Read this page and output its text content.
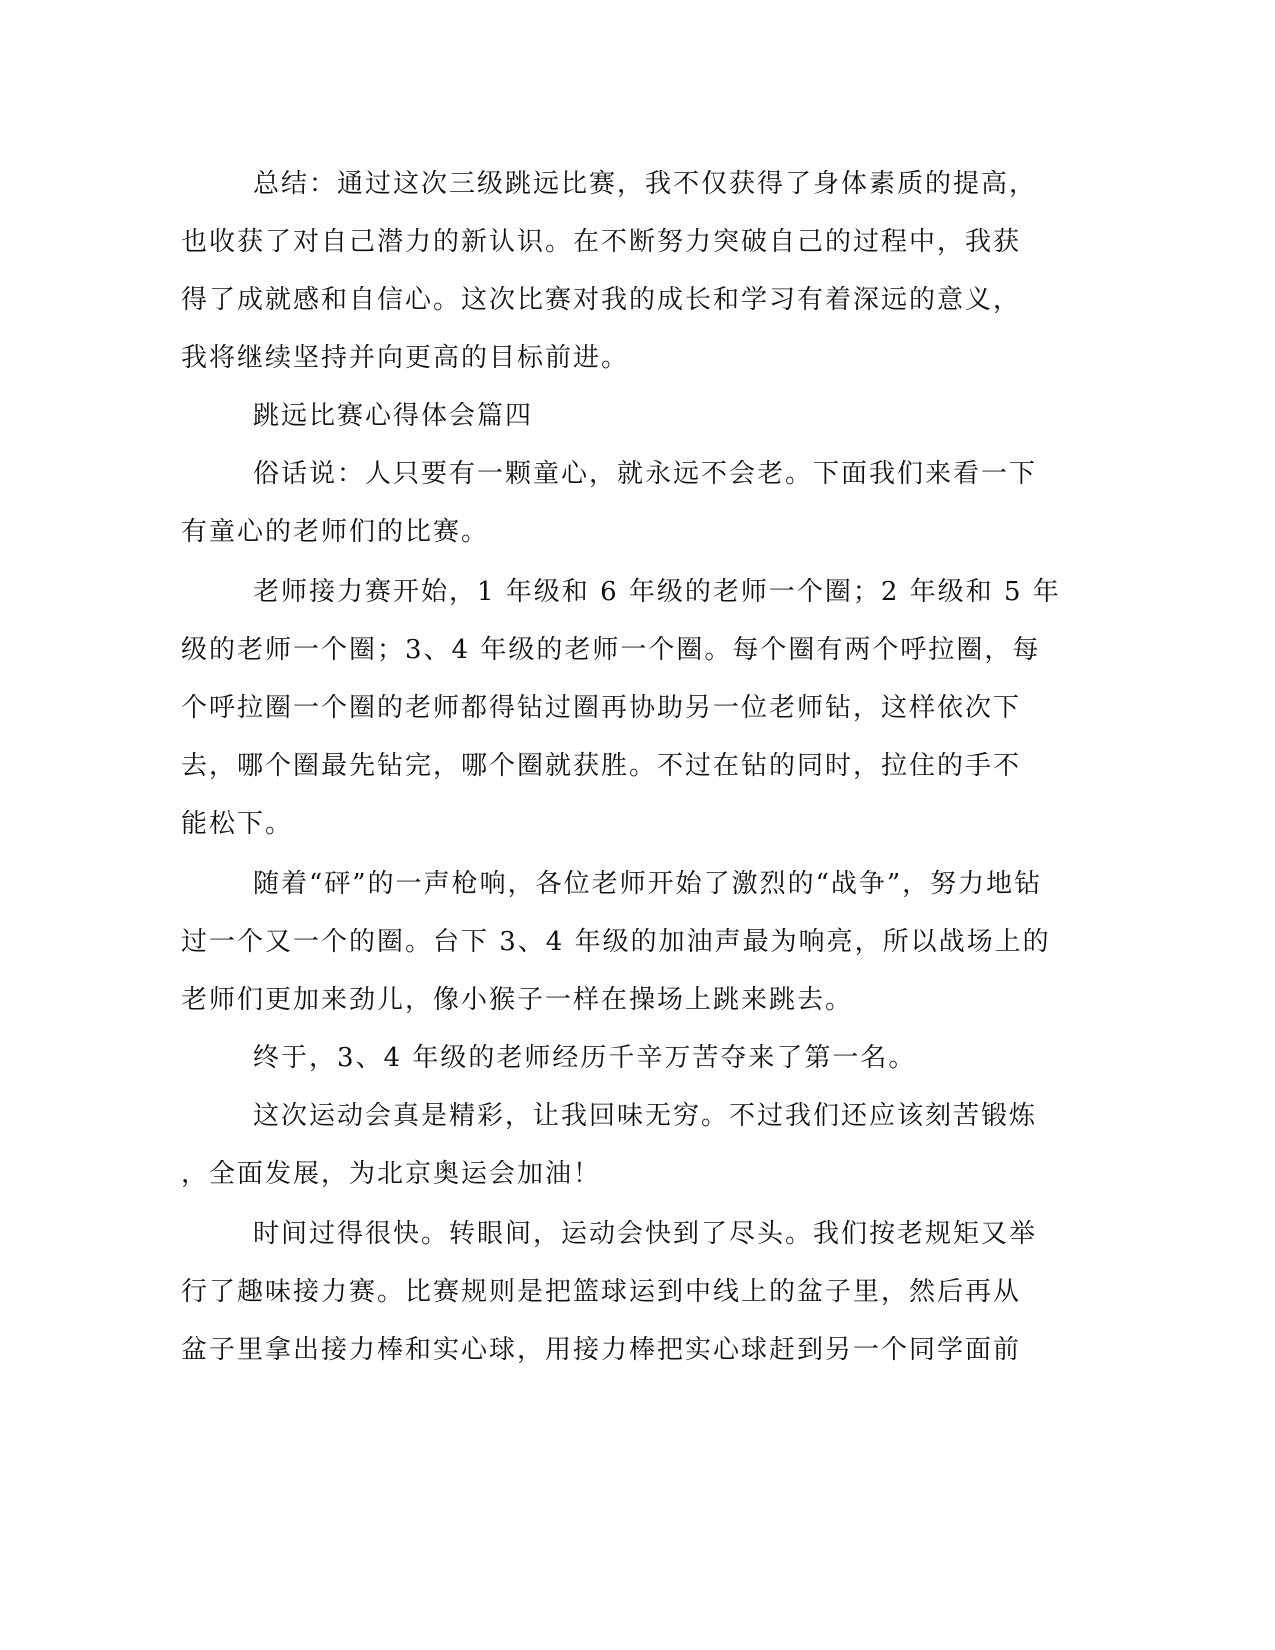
总结：通过这次三级跳远比赛，我不仅获得了身体素质的提高，

也收获了对自己潜力的新认识。在不断努力突破自己的过程中，我获

得了成就感和自信心。这次比赛对我的成长和学习有着深远的意义，

我将继续坚持并向更高的目标前进。

跳远比赛心得体会篇四

俗话说：人只要有一颗童心，就永远不会老。下面我们来看一下

有童心的老师们的比赛。

老师接力赛开始，1 年级和 6 年级的老师一个圈；2 年级和 5 年

级的老师一个圈；3、4 年级的老师一个圈。每个圈有两个呼拉圈，每

个呼拉圈一个圈的老师都得钻过圈再协助另一位老师钻，这样依次下

去，哪个圈最先钻完，哪个圈就获胜。不过在钻的同时，拉住的手不

能松下。

随着“砰”的一声枪响，各位老师开始了激烈的“战争”，努力地钻

过一个又一个的圈。台下 3、4 年级的加油声最为响亮，所以战场上的

老师们更加来劲儿，像小猴子一样在操场上跳来跳去。

终于，3、4 年级的老师经历千辛万苦夺来了第一名。

这次运动会真是精彩，让我回味无穷。不过我们还应该刻苦锻炼

，全面发展，为北京奥运会加油！

时间过得很快。转眼间，运动会快到了尽头。我们按老规矩又举

行了趣味接力赛。比赛规则是把篮球运到中线上的盆子里，然后再从

盆子里拿出接力棒和实心球，用接力棒把实心球赶到另一个同学面前
